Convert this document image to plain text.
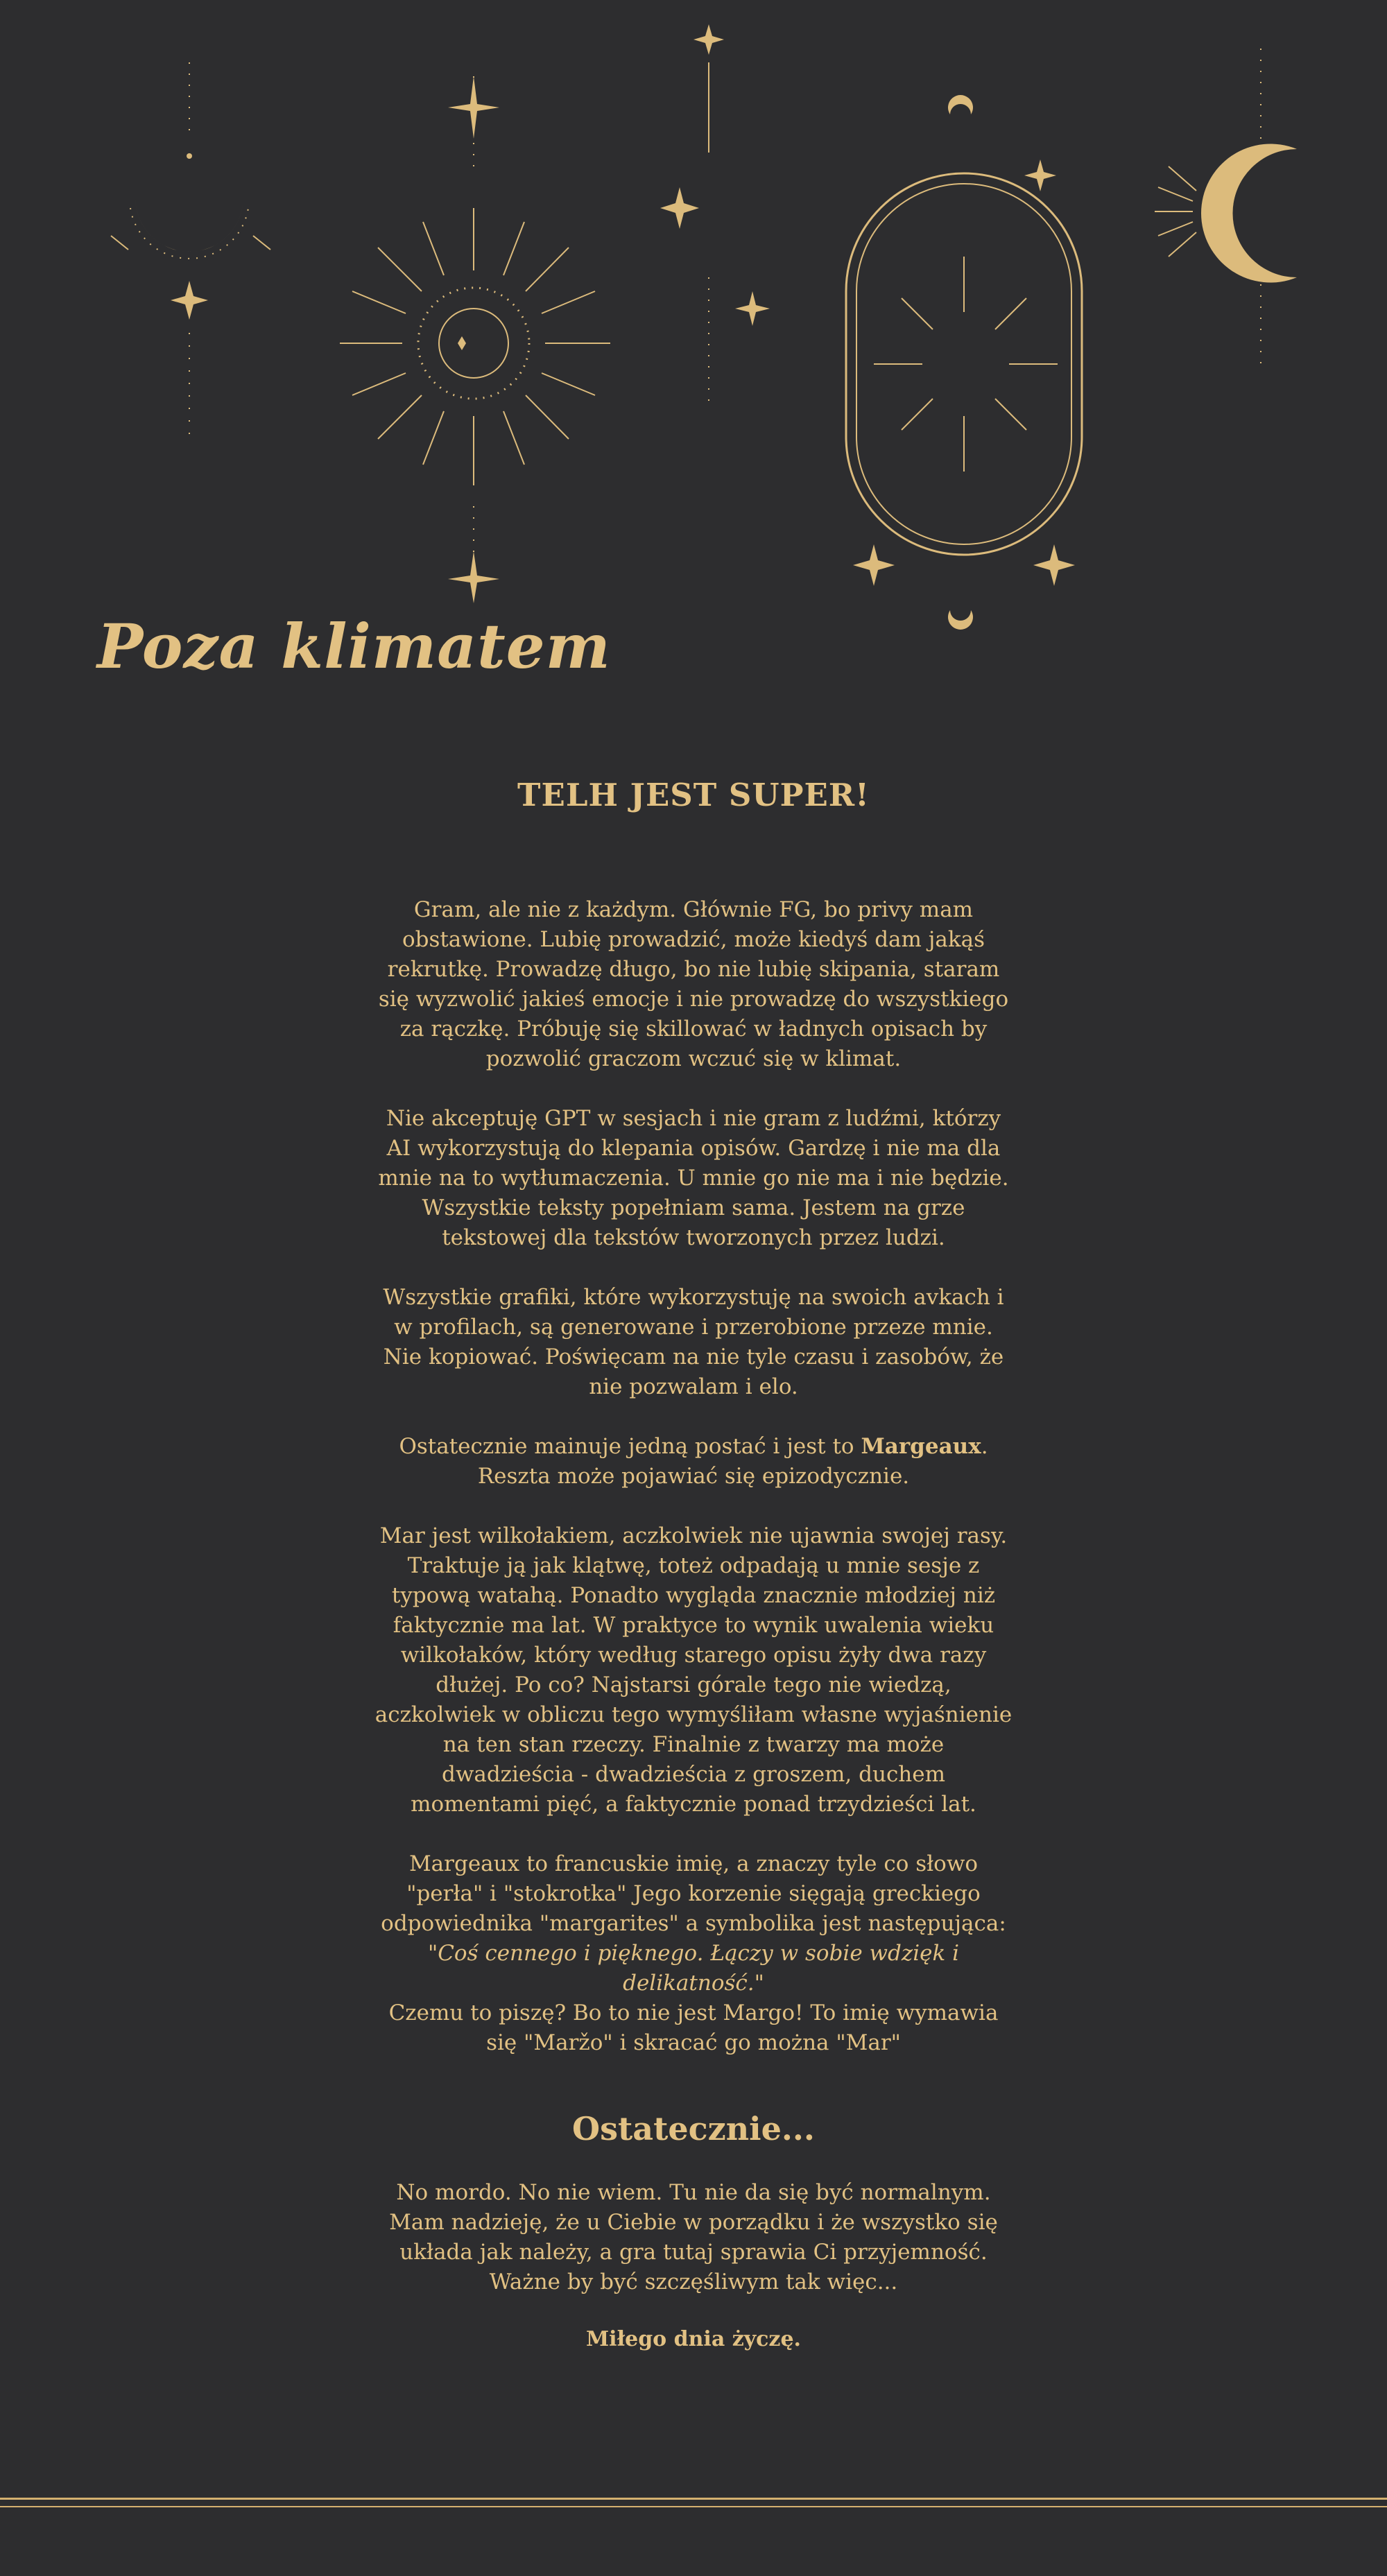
Poza klimatem
TELH JEST SUPER!

Gram, ale nie z każdym. Głównie FG, bo privy mam obstawione. Lubię prowadzić, może kiedyś dam jakąś rekrutkę. Prowadzę długo, bo nie lubię skipania, staram się wyzwolić jakieś emocje i nie prowadzę do wszystkiego za rączkę. Próbuję się skillować w ładnych opisach by pozwolić graczom wczuć się w klimat.

Nie akceptuję GPT w sesjach i nie gram z ludźmi, którzy AI wykorzystują do klepania opisów. Gardzę i nie ma dla mnie na to wytłumaczenia. U mnie go nie ma i nie będzie. Wszystkie teksty popełniam sama. Jestem na grze tekstowej dla tekstów tworzonych przez ludzi.

Wszystkie grafiki, które wykorzystuję na swoich avkach i w profilach, są generowane i przerobione przeze mnie. Nie kopiować. Poświęcam na nie tyle czasu i zasobów, że nie pozwalam i elo.

Ostatecznie mainuje jedną postać i jest to Margeaux. Reszta może pojawiać się epizodycznie.

Mar jest wilkołakiem, aczkolwiek nie ujawnia swojej rasy. Traktuje ją jak klątwę, toteż odpadają u mnie sesje z typową watahą. Ponadto wygląda znacznie młodziej niż faktycznie ma lat. W praktyce to wynik uwalenia wieku wilkołaków, który według starego opisu żyły dwa razy dłużej. Po co? Najstarsi górale tego nie wiedzą, aczkolwiek w obliczu tego wymyśliłam własne wyjaśnienie na ten stan rzeczy. Finalnie z twarzy ma może dwadzieścia - dwadzieścia z groszem, duchem momentami pięć, a faktycznie ponad trzydzieści lat.

Margeaux to francuskie imię, a znaczy tyle co słowo "perła" i "stokrotka" Jego korzenie sięgają greckiego odpowiednika "margarites" a symbolika jest następująca:
"Coś cennego i pięknego. Łączy w sobie wdzięk i delikatność."
Czemu to piszę? Bo to nie jest Margo! To imię wymawia się "Maržo" i skracać go można "Mar"

Ostatecznie...

No mordo. No nie wiem. Tu nie da się być normalnym. Mam nadzieję, że u Ciebie w porządku i że wszystko się układa jak należy, a gra tutaj sprawia Ci przyjemność. Ważne by być szczęśliwym tak więc...

Miłego dnia życzę.
